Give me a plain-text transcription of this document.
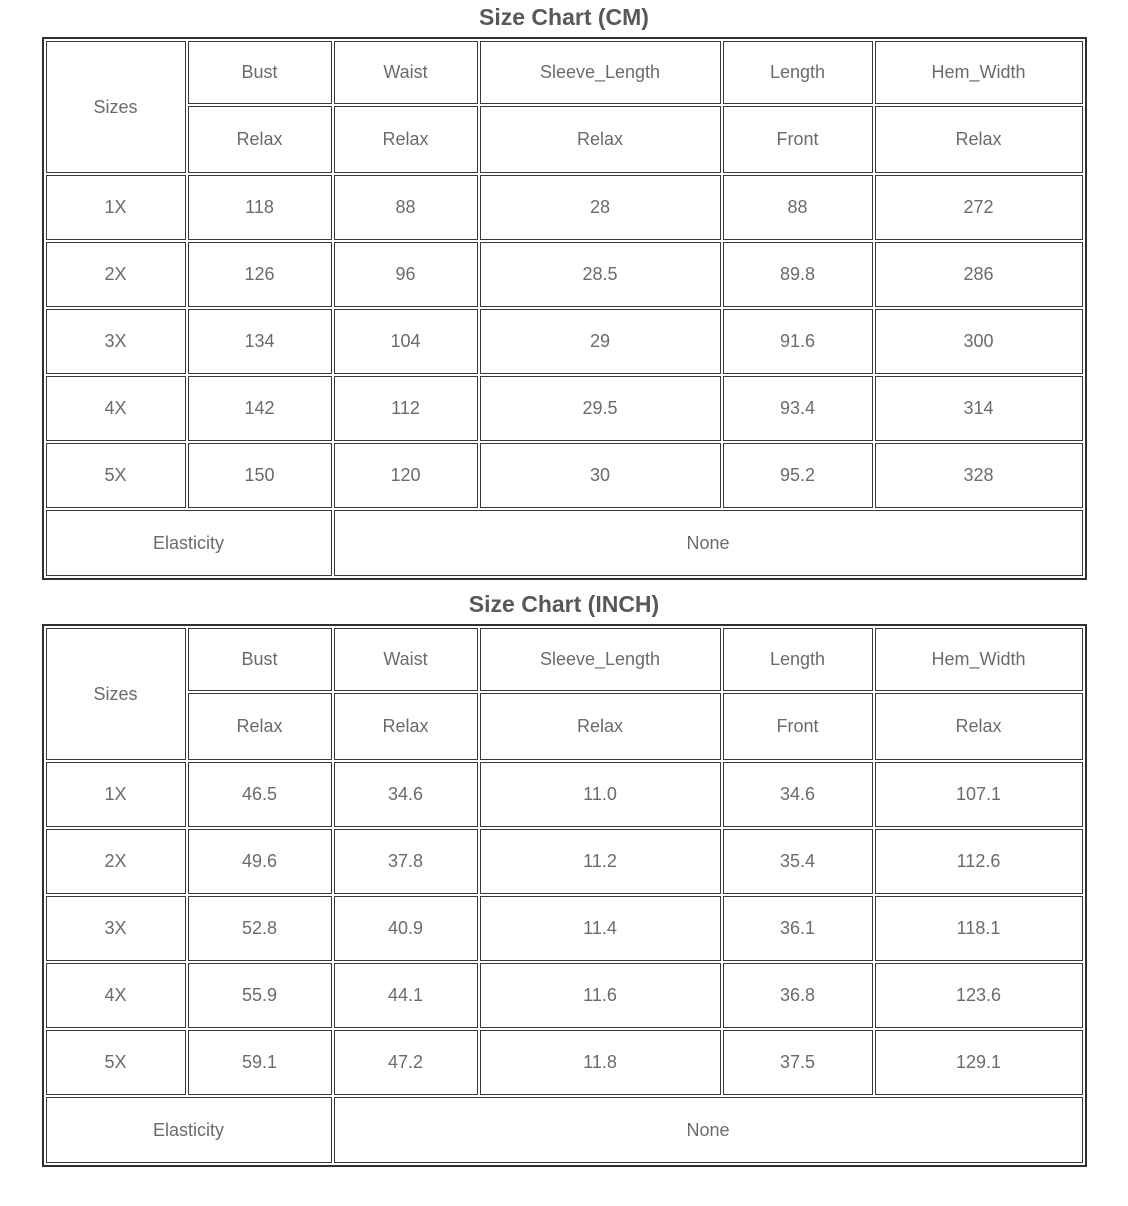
Size Chart (CM)
Sizes	Bust	Waist	Sleeve_Length	Length	Hem_Width
	Relax	Relax	Relax	Front	Relax
1X	118	88	28	88	272
2X	126	96	28.5	89.8	286
3X	134	104	29	91.6	300
4X	142	112	29.5	93.4	314
5X	150	120	30	95.2	328
Elasticity		None			
Size Chart (INCH)
Sizes	Bust	Waist	Sleeve_Length	Length	Hem_Width
	Relax	Relax	Relax	Front	Relax
1X	46.5	34.6	11.0	34.6	107.1
2X	49.6	37.8	11.2	35.4	112.6
3X	52.8	40.9	11.4	36.1	118.1
4X	55.9	44.1	11.6	36.8	123.6
5X	59.1	47.2	11.8	37.5	129.1
Elasticity		None			
